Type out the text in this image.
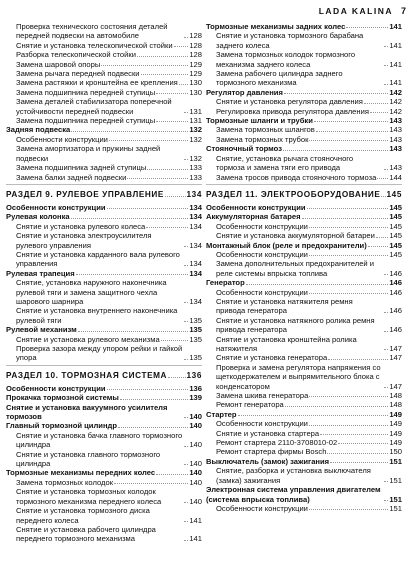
LADA KALINA 7
Проверка технического состояния деталей передней подвески на автомобиле	128
Снятие и установка телескопической стойки 128
Разборка телескопической стойки	128
Замена шаровой опоры	129
Замена рычага передней подвески	129
Замена растяжки и кронштейна ее крепления 130
Замена подшипника передней ступицы	130
Замена деталей стабилизатора поперечной устойчивости передней подвески	131
Замена подшипника передней ступицы	131
Задняя подвеска	132
Особенности конструкции	132
Замена амортизатора и пружины задней подвески	132
Замена подшипника задней ступицы	133
Замена балки задней подвески	133
РАЗДЕЛ 9. РУЛЕВОЕ УПРАВЛЕНИЕ	134
Особенности конструкции	134
Рулевая колонка	134
Снятие и установка рулевого колеса	134
Снятие и установка электроусилителя рулевого управления	134
Снятие и установка карданного вала рулевого управления	134
Рулевая трапеция	134
Снятие, установка наружного наконечника рулевой тяги и замена защитного чехла шарового шарнира	134
Снятие и установка внутреннего наконечника рулевой тяги	135
Рулевой механизм	135
Снятие и установка рулевого механизма	135
Проверка зазора между упором рейки и гайкой упора	135
РАЗДЕЛ 10. ТОРМОЗНАЯ СИСТЕМА 136
Особенности конструкции	136
Прокачка тормозной системы	139
Снятие и установка вакуумного усилителя тормозов	140
Главный тормозной цилиндр	140
Снятие и установка бачка главного тормозного цилиндра	140
Снятие и установка главного тормозного цилиндра	140
Тормозные механизмы передних колес	140
Замена тормозных колодок	140
Снятие и установка тормозных колодок тормозного механизма переднего колеса	140
Снятие и установка тормозного диска переднего колеса	141
Снятие и установка рабочего цилиндра переднего тормозного механизма	141
Тормозные механизмы задних колес	141
Снятие и установка тормозного барабана заднего колеса	141
Замена тормозных колодок тормозного механизма заднего колеса	141
Замена рабочего цилиндра заднего тормозного механизма	141
Регулятор давления	142
Снятие и установка регулятора давления	142
Регулировка привода регулятора давления	142
Тормозные шланги и трубки	143
Замена тормозных шлангов	143
Замена тормозных трубок	143
Стояночный тормоз	143
Снятие, установка рычага стояночного тормоза и замена тяги его привода	143
Замена тросов привода стояночного тормоза 144
РАЗДЕЛ 11. ЭЛЕКТРООБОРУДОВАНИЕ 145
Особенности конструкции	145
Аккумуляторная батарея	145
Особенности конструкции	145
Снятие и установка аккумуляторной батареи 145
Монтажный блок (реле и предохранители)	145
Особенности конструкции	145
Замена дополнительных предохранителей и реле системы впрыска топлива	146
Генератор	146
Особенности конструкции	146
Снятие и установка натяжителя ремня привода генератора	146
Снятие и установка натяжного ролика ремня привода генератора	146
Снятие и установка кронштейна ролика натяжителя	147
Снятие и установка генератора	147
Проверка и замена регулятора напряжения со щеткодержателем и выпрямительного блока с конденсатором	147
Замена шкива генератора	148
Ремонт генератора	148
Стартер	149
Особенности конструкции	149
Снятие и установка стартера	149
Ремонт стартера 2110-3708010-02	149
Ремонт стартера фирмы Bosch	150
Выключатель (замок) зажигания	151
Снятие, разборка и установка выключателя (замка) зажигания	151
Электронная система управления двигателем (система впрыска топлива)	151
Особенности конструкции	151
